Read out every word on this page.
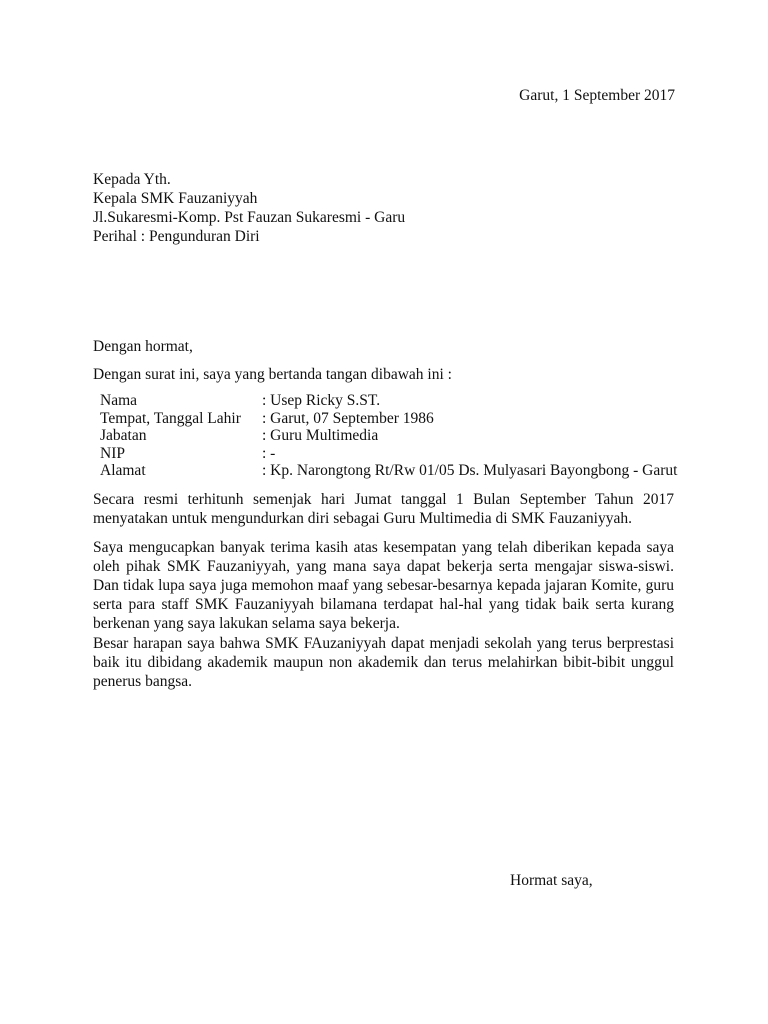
Garut, 1 September 2017
Kepada Yth.
Kepala SMK Fauzaniyyah
Jl.Sukaresmi-Komp. Pst Fauzan Sukaresmi - Garu
Perihal : Pengunduran Diri
Dengan hormat,
Dengan surat ini, saya yang bertanda tangan dibawah ini :
Nama	: Usep Ricky S.ST.
Tempat, Tanggal Lahir	: Garut, 07 September 1986
Jabatan	: Guru Multimedia
NIP	: -
Alamat	: Kp. Narongtong Rt/Rw 01/05 Ds. Mulyasari Bayongbong - Garut
Secara resmi terhitunh semenjak hari Jumat tanggal 1 Bulan September Tahun 2017 menyatakan untuk mengundurkan diri sebagai Guru Multimedia di SMK Fauzaniyyah.
Saya mengucapkan banyak terima kasih atas kesempatan yang telah diberikan kepada saya oleh pihak SMK Fauzaniyyah, yang mana saya dapat bekerja serta mengajar siswa-siswi. Dan tidak lupa saya juga memohon maaf yang sebesar-besarnya kepada jajaran Komite, guru serta para staff SMK Fauzaniyyah bilamana terdapat hal-hal yang tidak baik serta kurang berkenan yang saya lakukan selama saya bekerja.
Besar harapan saya bahwa SMK FAuzaniyyah dapat menjadi sekolah yang terus berprestasi baik itu dibidang akademik maupun non akademik dan terus melahirkan bibit-bibit unggul penerus bangsa.
Hormat saya,
